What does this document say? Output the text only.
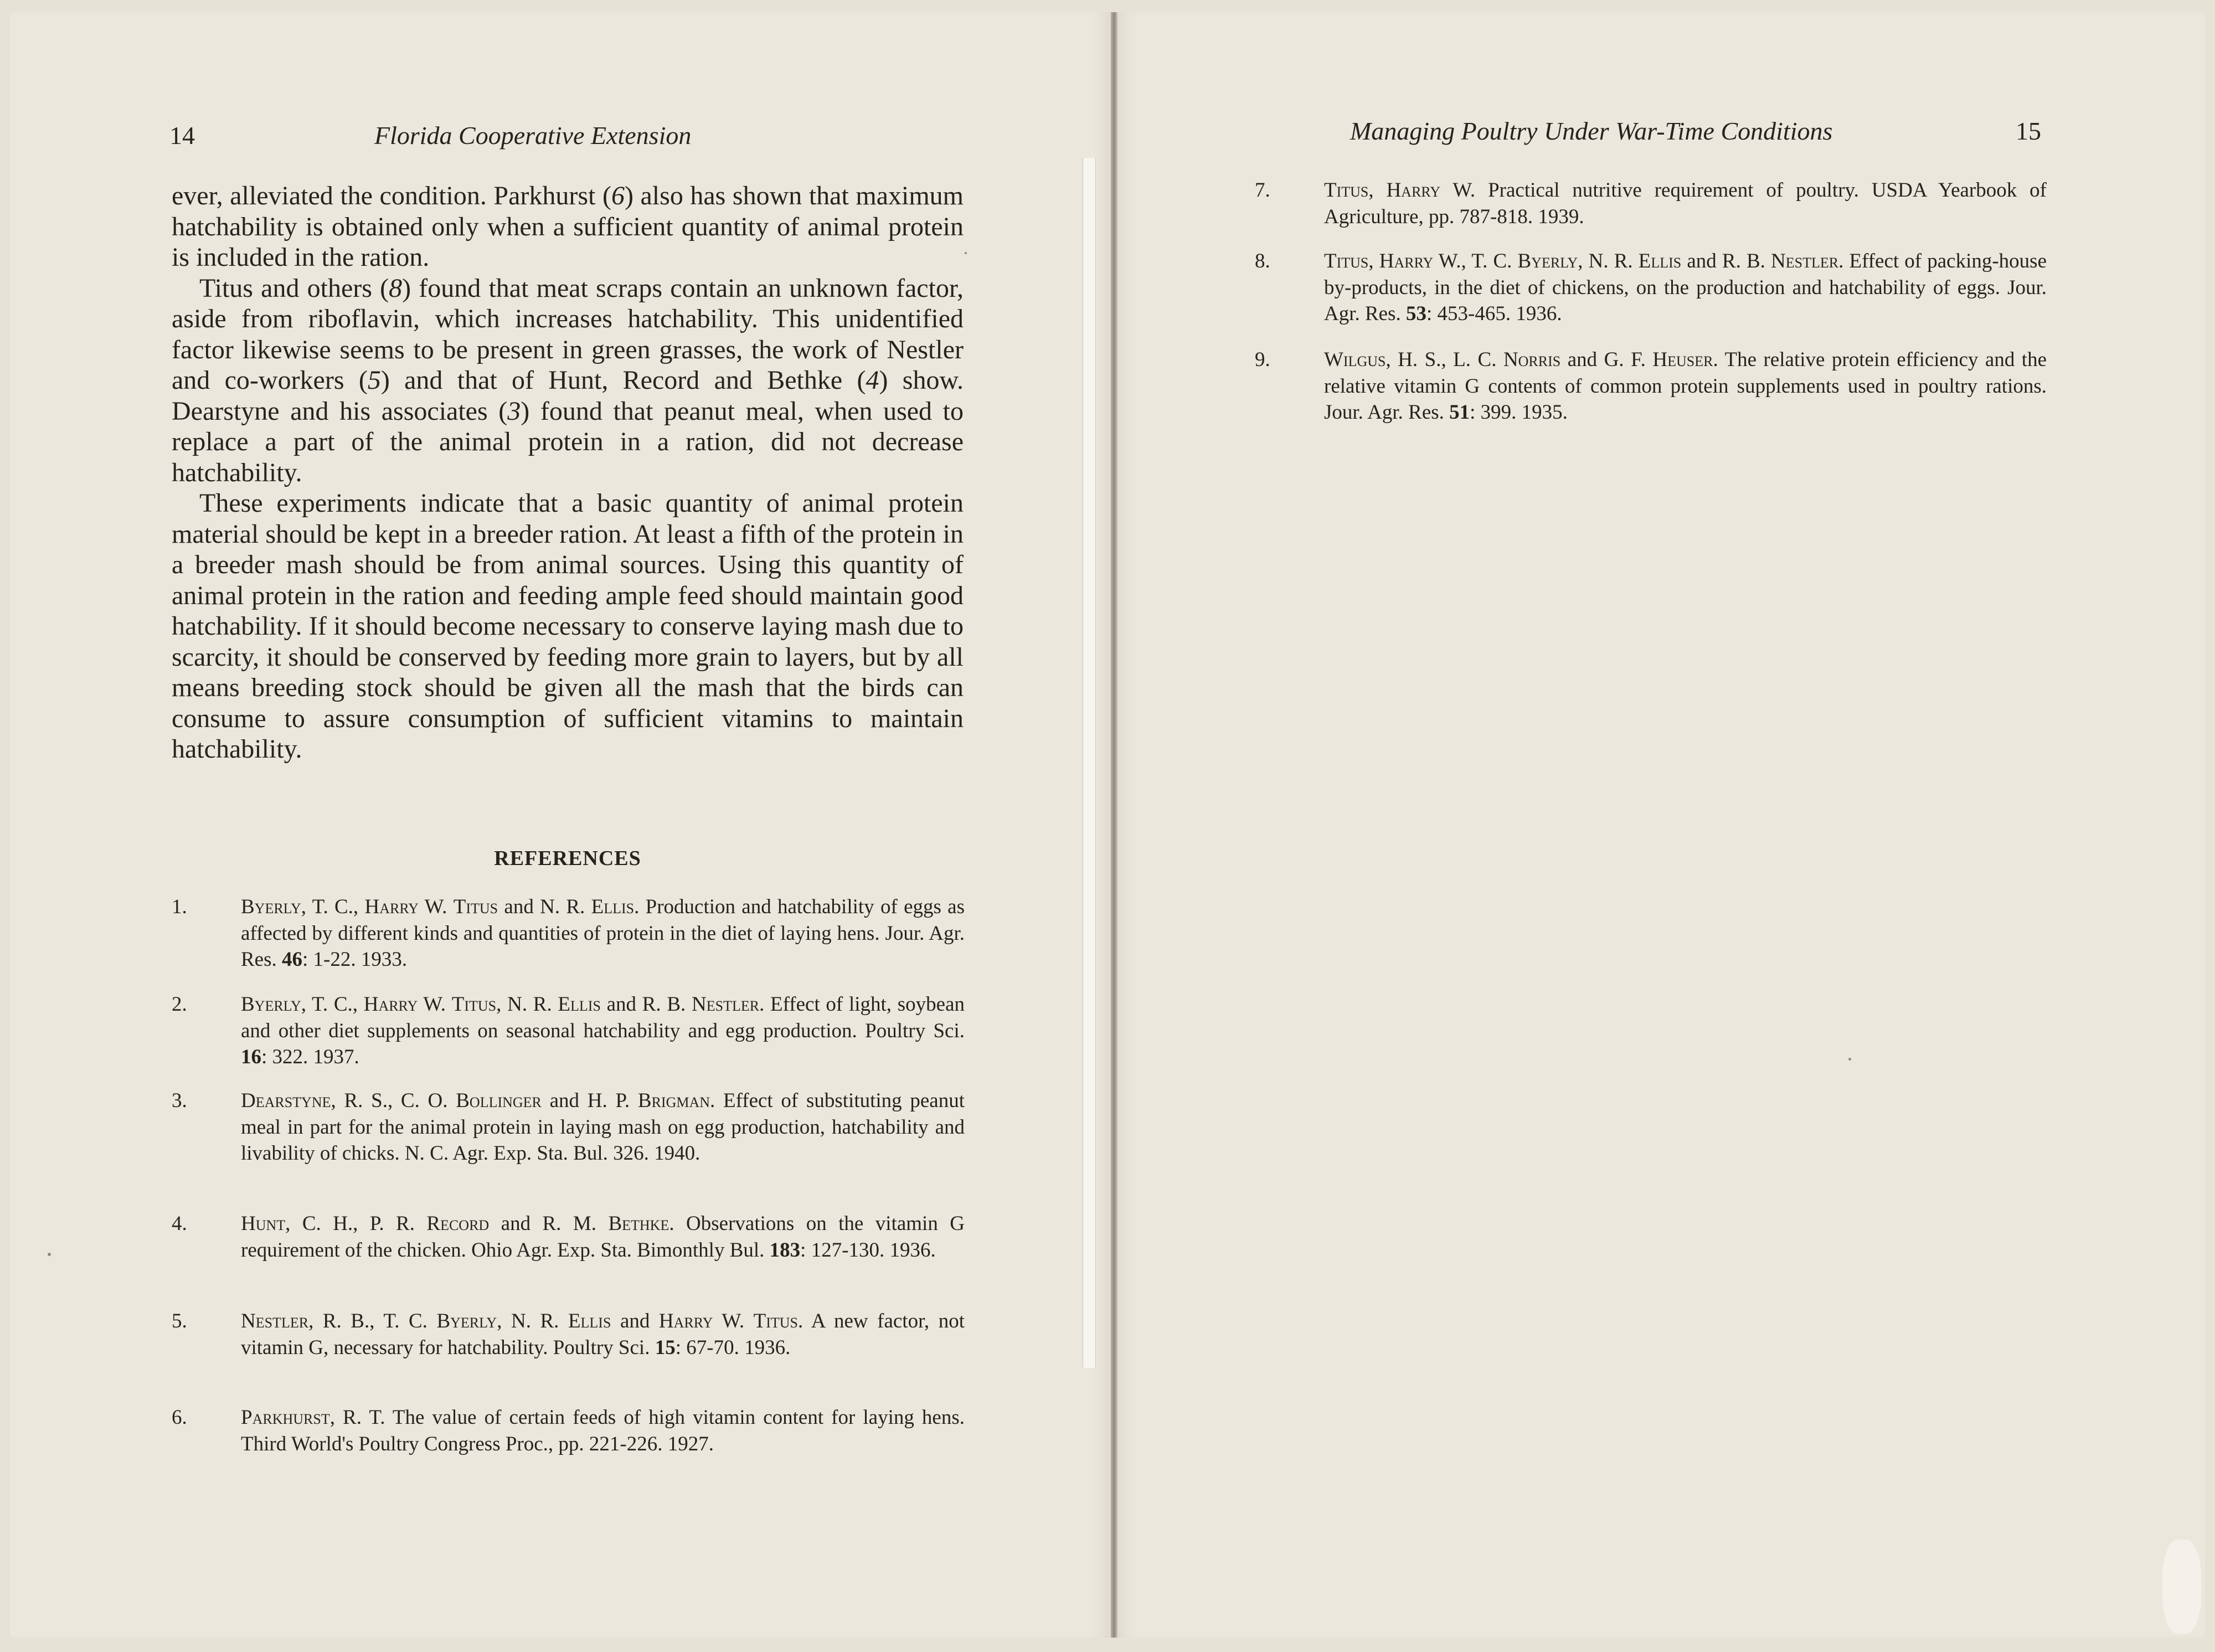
14	Florida Cooperative Extension

ever, alleviated the condition. Parkhurst (6) also has shown that maximum hatchability is obtained only when a sufficient quantity of animal protein is included in the ration.

Titus and others (8) found that meat scraps contain an unknown factor, aside from riboflavin, which increases hatchability. This unidentified factor likewise seems to be present in green grasses, the work of Nestler and co-workers (5) and that of Hunt, Record and Bethke (4) show. Dearstyne and his associates (3) found that peanut meal, when used to replace a part of the animal protein in a ration, did not decrease hatchability.

These experiments indicate that a basic quantity of animal protein material should be kept in a breeder ration. At least a fifth of the protein in a breeder mash should be from animal sources. Using this quantity of animal protein in the ration and feeding ample feed should maintain good hatchability. If it should become necessary to conserve laying mash due to scarcity, it should be conserved by feeding more grain to layers, but by all means breeding stock should be given all the mash that the birds can consume to assure consumption of sufficient vitamins to maintain hatchability.

REFERENCES
1.	Byerly, T. C., Harry W. Titus and N. R. Ellis. Production and hatchability of eggs as affected by different kinds and quantities of protein in the diet of laying hens. Jour. Agr. Res. 46: 1-22. 1933.
2.	Byerly, T. C., Harry W. Titus, N. R. Ellis and R. B. Nestler. Effect of light, soybean and other diet supplements on seasonal hatchability and egg production. Poultry Sci. 16: 322. 1937.
3.	Dearstyne, R. S., C. O. Bollinger and H. P. Brigman. Effect of substituting peanut meal in part for the animal protein in laying mash on egg production, hatchability and livability of chicks. N. C. Agr. Exp. Sta. Bul. 326. 1940.
4.	Hunt, C. H., P. R. Record and R. M. Bethke. Observations on the vitamin G requirement of the chicken. Ohio Agr. Exp. Sta. Bimonthly Bul. 183: 127-130. 1936.
5.	Nestler, R. B., T. C. Byerly, N. R. Ellis and Harry W. Titus. A new factor, not vitamin G, necessary for hatchability. Poultry Sci. 15: 67-70. 1936.
6.	Parkhurst, R. T. The value of certain feeds of high vitamin content for laying hens. Third World's Poultry Congress Proc., pp. 221-226. 1927.
Managing Poultry Under War-Time Conditions	15
7.	Titus, Harry W. Practical nutritive requirement of poultry. USDA Yearbook of Agriculture, pp. 787-818. 1939.
8.	Titus, Harry W., T. C. Byerly, N. R. Ellis and R. B. Nestler. Effect of packing-house by-products, in the diet of chickens, on the production and hatchability of eggs. Jour. Agr. Res. 53: 453-465. 1936.
9.	Wilgus, H. S., L. C. Norris and G. F. Heuser. The relative protein efficiency and the relative vitamin G contents of common protein supplements used in poultry rations. Jour. Agr. Res. 51: 399. 1935.
